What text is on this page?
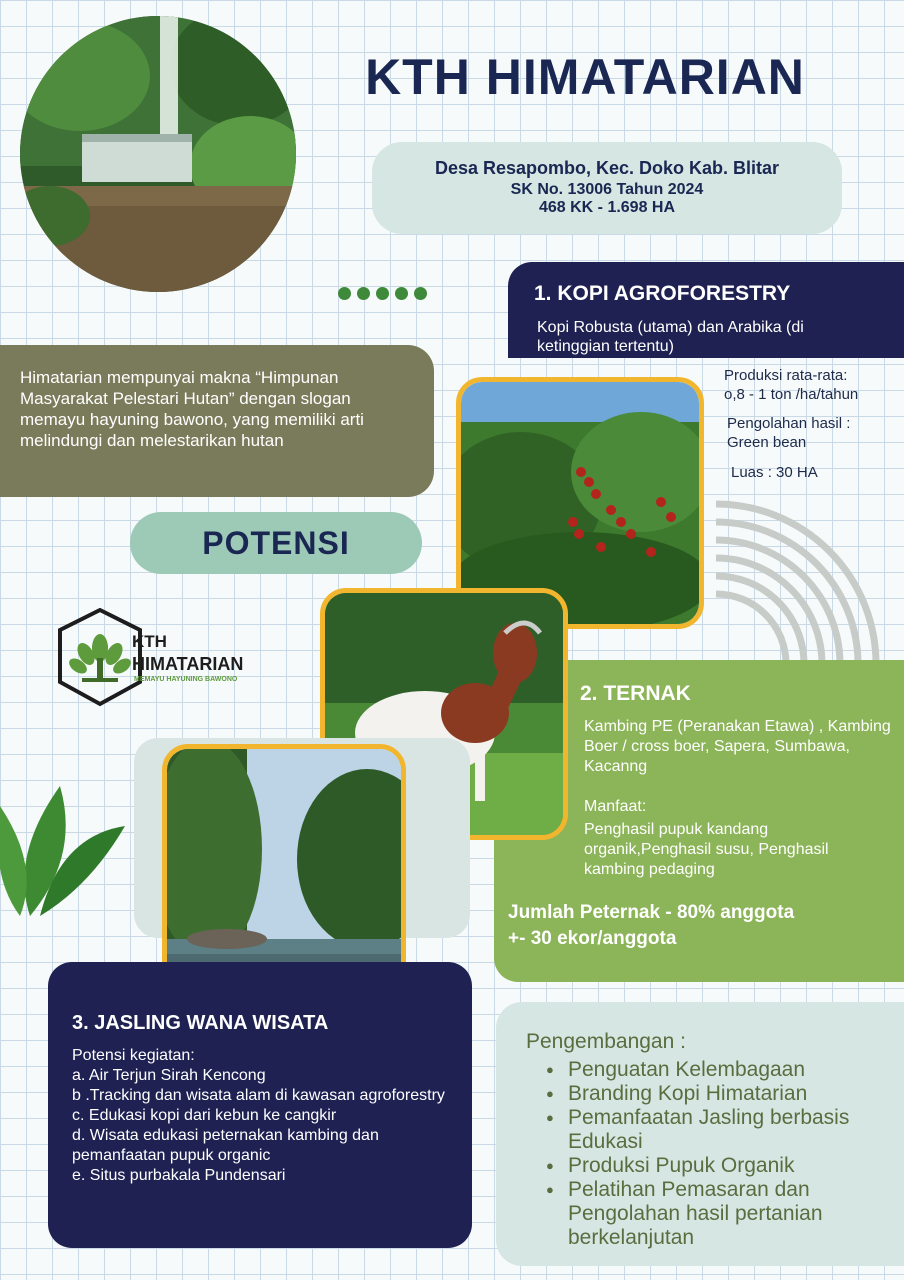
KTH HIMATARIAN
Desa Resapombo, Kec. Doko Kab. Blitar
SK No. 13006 Tahun 2024
468 KK - 1.698 HA
1. KOPI AGROFORESTRY
Kopi Robusta (utama) dan Arabika (di ketinggian tertentu)
Produksi rata-rata:
o,8 - 1 ton /ha/tahun
Pengolahan hasil :
Green bean
Luas : 30 HA
Himatarian mempunyai makna “Himpunan Masyarakat Pelestari Hutan” dengan slogan memayu hayuning bawono, yang memiliki arti melindungi dan melestarikan hutan
POTENSI
KTH
HIMATARIAN
MEMAYU HAYUNING BAWONO
2. TERNAK
Kambing PE (Peranakan Etawa) , Kambing Boer / cross boer, Sapera, Sumbawa, Kacanng
Manfaat:
Penghasil pupuk kandang organik,Penghasil susu, Penghasil kambing pedaging
Jumlah Peternak - 80% anggota
+- 30 ekor/anggota
3. JASLING WANA WISATA
Potensi kegiatan:
a. Air Terjun Sirah Kencong
b .Tracking dan wisata alam di kawasan agroforestry
c. Edukasi kopi dari kebun ke cangkir
d. Wisata edukasi peternakan kambing dan pemanfaatan pupuk organic
e. Situs purbakala Pundensari
Pengembangan :
● Penguatan Kelembagaan
● Branding Kopi Himatarian
● Pemanfaatan Jasling berbasis Edukasi
● Produksi Pupuk Organik
● Pelatihan Pemasaran dan Pengolahan hasil pertanian berkelanjutan
